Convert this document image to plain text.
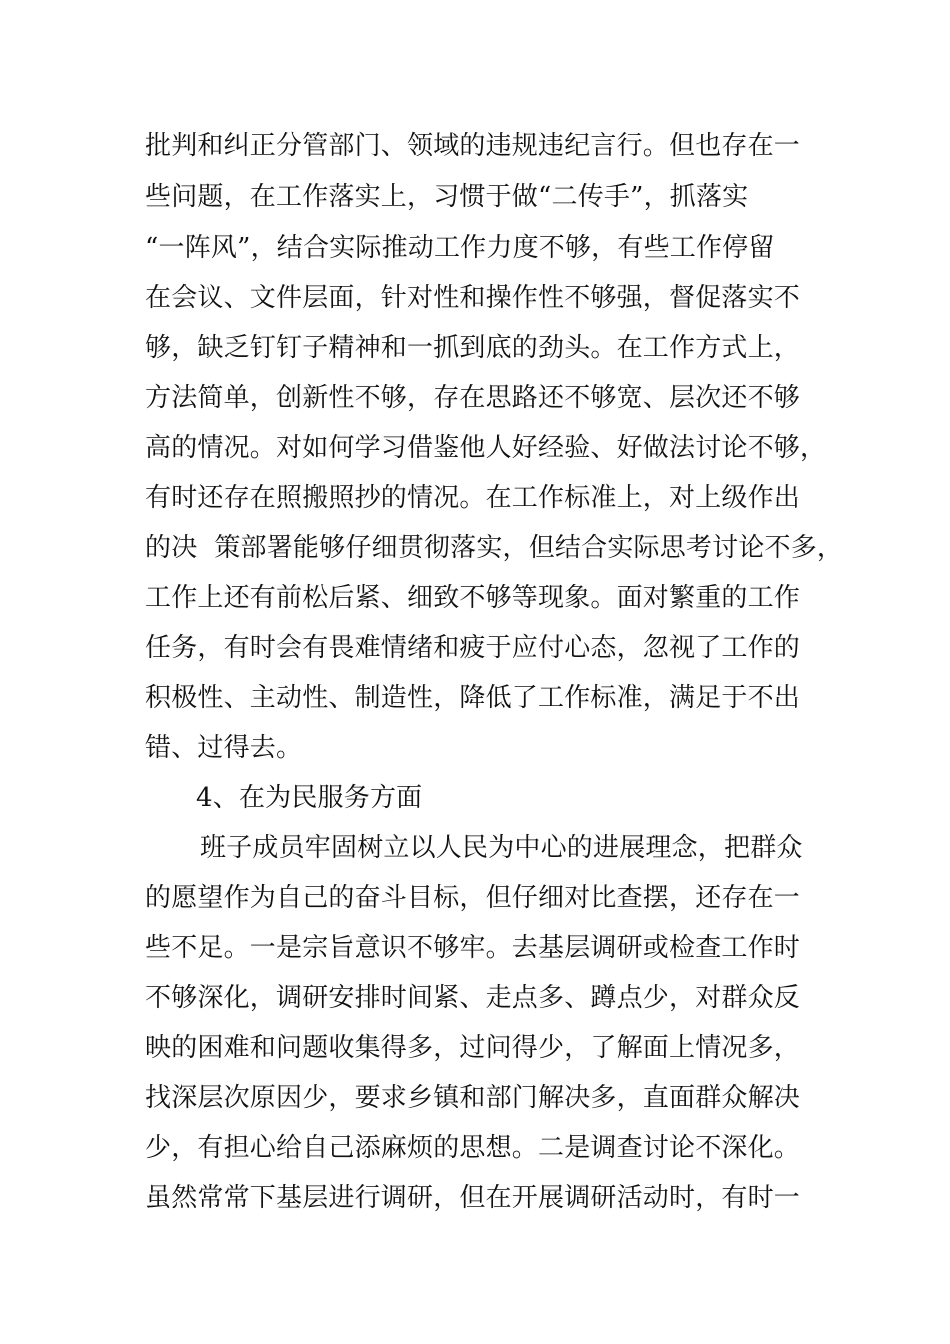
批判和纠正分管部门、领域的违规违纪言行。但也存在一
些问题，在工作落实上，习惯于做“二传手”，抓落实
“一阵风”，结合实际推动工作力度不够，有些工作停留
在会议、文件层面，针对性和操作性不够强，督促落实不
够，缺乏钉钉子精神和一抓到底的劲头。在工作方式上，
方法简单，创新性不够，存在思路还不够宽、层次还不够
高的情况。对如何学习借鉴他人好经验、好做法讨论不够，
有时还存在照搬照抄的情况。在工作标准上，对上级作出
的决  策部署能够仔细贯彻落实，但结合实际思考讨论不多，
工作上还有前松后紧、细致不够等现象。面对繁重的工作
任务，有时会有畏难情绪和疲于应付心态，忽视了工作的
积极性、主动性、制造性，降低了工作标准，满足于不出
错、过得去。
4、在为民服务方面
班子成员牢固树立以人民为中心的进展理念，把群众
的愿望作为自己的奋斗目标，但仔细对比查摆，还存在一
些不足。一是宗旨意识不够牢。去基层调研或检查工作时
不够深化，调研安排时间紧、走点多、蹲点少，对群众反
映的困难和问题收集得多，过问得少，了解面上情况多，
找深层次原因少，要求乡镇和部门解决多，直面群众解决
少，有担心给自己添麻烦的思想。二是调查讨论不深化。
虽然常常下基层进行调研，但在开展调研活动时，有时一
